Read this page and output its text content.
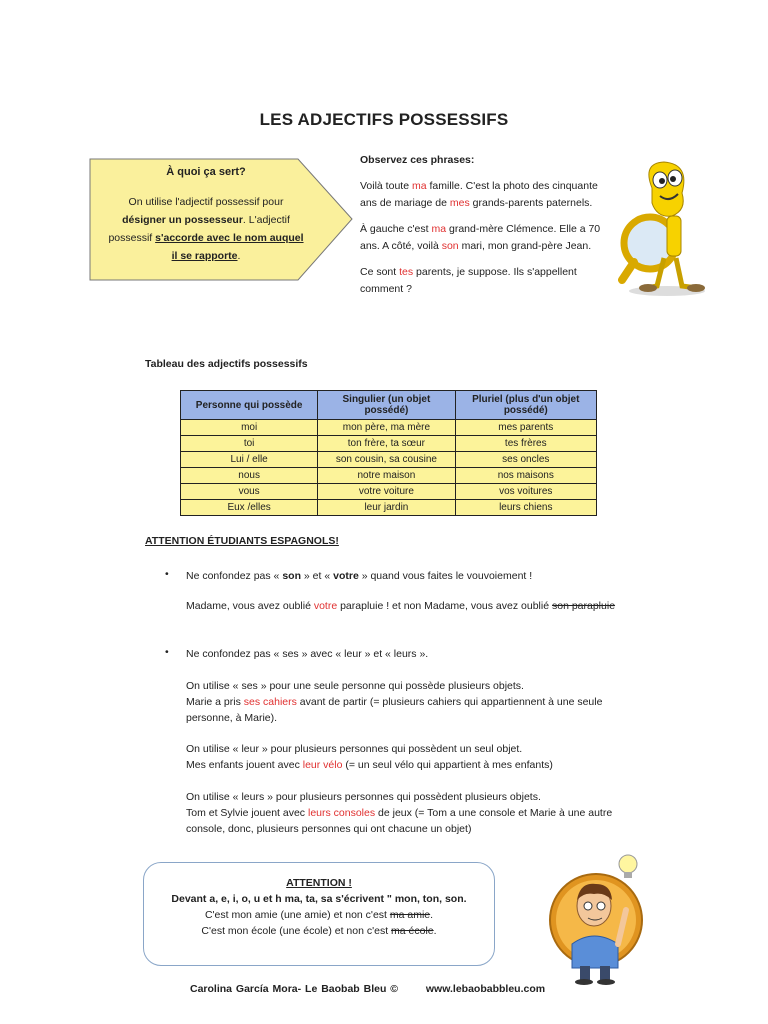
LES ADJECTIFS POSSESSIFS
À quoi ça sert?
On utilise l'adjectif possessif pour
désigner un possesseur. L'adjectif
possessif s'accorde avec le nom auquel
il se rapporte.

Observez ces phrases:

Voilà toute ma famille. C'est la photo des cinquante ans de mariage de mes grands-parents paternels.

À gauche c'est ma grand-mère Clémence. Elle a 70 ans. A côté, voilà son mari, mon grand-père Jean.

Ce sont tes parents, je suppose. Ils s'appellent comment ?

Tableau des adjectifs possessifs
Personne qui possède	Singulier (un objet possédé)	Pluriel (plus d'un objet possédé)
moi	mon père, ma mère	mes parents
toi	ton frère, ta sœur	tes frères
Lui / elle	son cousin, sa cousine	ses oncles
nous	notre maison	nos maisons
vous	votre voiture	vos voitures
Eux /elles	leur jardin	leurs chiens
ATTENTION ÉTUDIANTS ESPAGNOLS!
• Ne confondez pas « son » et « votre » quand vous faites le vouvoiement !
Madame, vous avez oublié votre parapluie ! et non Madame, vous avez oublié son parapluie
• Ne confondez pas « ses » avec « leur » et « leurs ».
On utilise « ses » pour une seule personne qui possède plusieurs objets.
Marie a pris ses cahiers avant de partir (= plusieurs cahiers qui appartiennent à une seule personne, à Marie).
On utilise « leur » pour plusieurs personnes qui possèdent un seul objet.
Mes enfants jouent avec leur vélo (= un seul vélo qui appartient à mes enfants)
On utilise « leurs » pour plusieurs personnes qui possèdent plusieurs objets.
Tom et Sylvie jouent avec leurs consoles de jeux (= Tom a une console et Marie à une autre console, donc, plusieurs personnes qui ont chacune un objet)
ATTENTION !
Devant a, e, i, o, u et h ma, ta, sa s'écrivent " mon, ton, son.
C'est mon amie (une amie) et non c'est ma amie.
C'est mon école (une école) et non c'est ma école.
Carolina García Mora- Le Baobab Bleu ©	www.lebaobabbleu.com
